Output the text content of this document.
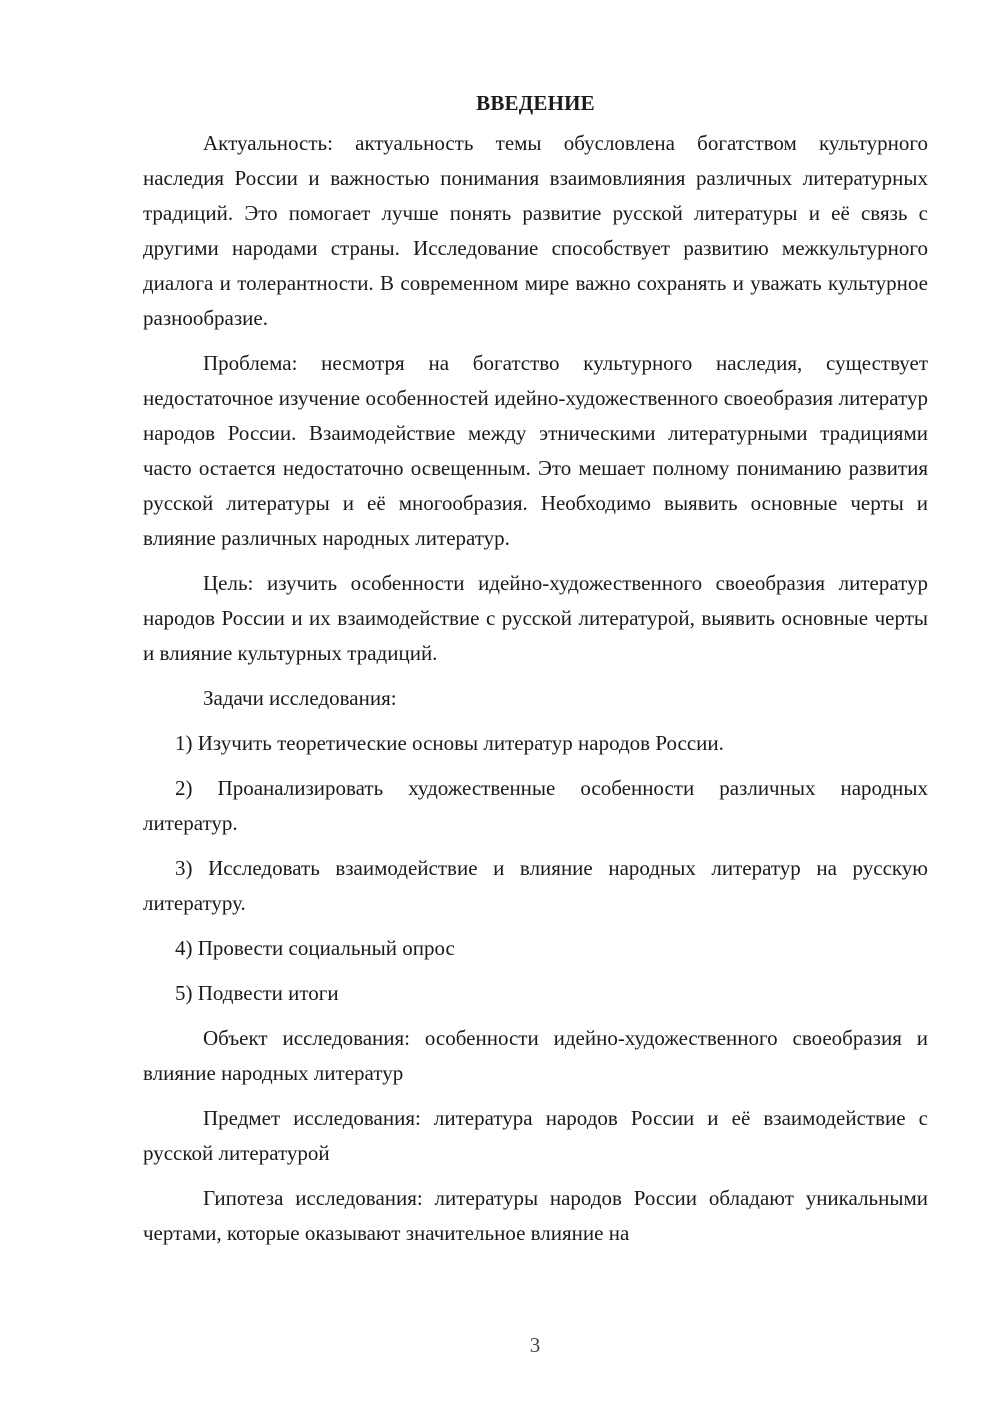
ВВЕДЕНИЕ

Актуальность: актуальность темы обусловлена богатством культурного наследия России и важностью понимания взаимовлияния различных литературных традиций. Это помогает лучше понять развитие русской литературы и её связь с другими народами страны. Исследование способствует развитию межкультурного диалога и толерантности. В современном мире важно сохранять и уважать культурное разнообразие.

Проблема: несмотря на богатство культурного наследия, существует недостаточное изучение особенностей идейно-художественного своеобразия литератур народов России. Взаимодействие между этническими литературными традициями часто остается недостаточно освещенным. Это мешает полному пониманию развития русской литературы и её многообразия. Необходимо выявить основные черты и влияние различных народных литератур.

Цель: изучить особенности идейно-художественного своеобразия литератур народов России и их взаимодействие с русской литературой, выявить основные черты и влияние культурных традиций.

Задачи исследования:

1) Изучить теоретические основы литератур народов России.

2) Проанализировать художественные особенности различных народных литератур.

3) Исследовать взаимодействие и влияние народных литератур на русскую литературу.

4) Провести социальный опрос

5) Подвести итоги

Объект исследования: особенности идейно-художественного своеобразия и влияние народных литератур

Предмет исследования: литература народов России и её взаимодействие с русской литературой

Гипотеза исследования: литературы народов России обладают уникальными чертами, которые оказывают значительное влияние на

3
